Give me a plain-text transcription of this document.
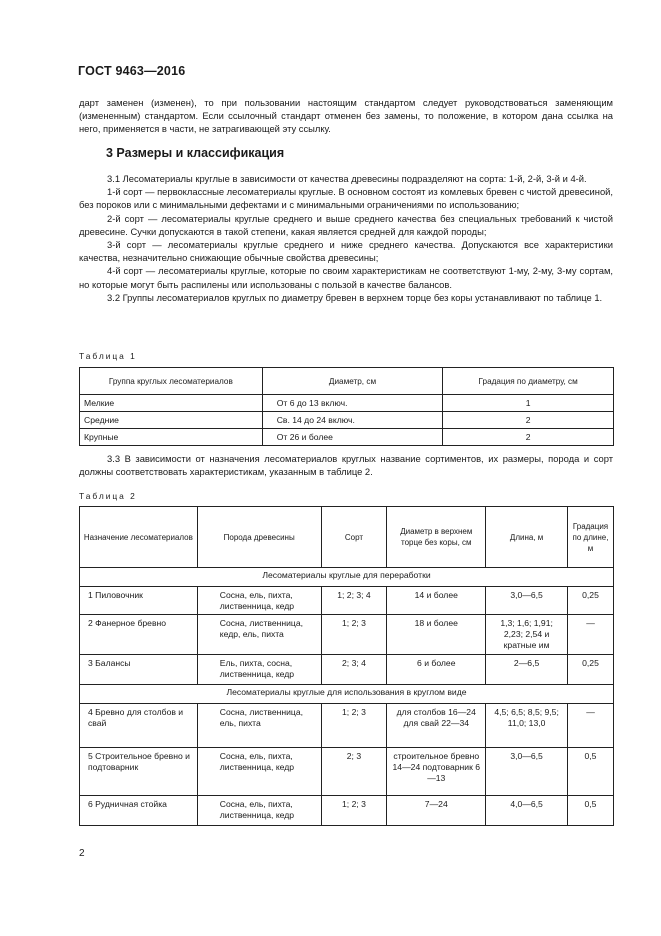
ГОСТ 9463—2016

дарт заменен (изменен), то при пользовании настоящим стандартом следует руководствоваться заменяющим (измененным) стандартом. Если ссылочный стандарт отменен без замены, то положение, в котором дана ссылка на него, применяется в части, не затрагивающей эту ссылку.

3 Размеры и классификация

3.1 Лесоматериалы круглые в зависимости от качества древесины подразделяют на сорта: 1-й, 2-й, 3-й и 4-й.

1-й сорт — первоклассные лесоматериалы круглые. В основном состоят из комлевых бревен с чистой древесиной, без пороков или с минимальными дефектами и с минимальными ограничениями по использованию;

2-й сорт — лесоматериалы круглые среднего и выше среднего качества без специальных требований к чистой древесине. Сучки допускаются в такой степени, какая является средней для каждой породы;

3-й сорт — лесоматериалы круглые среднего и ниже среднего качества. Допускаются все характеристики качества, незначительно снижающие обычные свойства древесины;

4-й сорт — лесоматериалы круглые, которые по своим характеристикам не соответствуют 1-му, 2-му, 3-му сортам, но которые могут быть распилены или использованы с пользой в качестве балансов.

3.2 Группы лесоматериалов круглых по диаметру бревен в верхнем торце без коры устанавливают по таблице 1.

Таблица 1
Группа круглых лесоматериалов	Диаметр, см	Градация по диаметру, см
Мелкие	От 6 до 13 включ.	1
Средние	Св. 14 до 24 включ.	2
Крупные	От 26 и более	2

3.3 В зависимости от назначения лесоматериалов круглых название сортиментов, их размеры, порода и сорт должны соответствовать характеристикам, указанным в таблице 2.

Таблица 2
Назначение лесоматериалов	Порода древесины	Сорт	Диаметр в верхнем торце без коры, см	Длина, м	Градация по длине, м
Лесоматериалы круглые для переработки					
1 Пиловочник	Сосна, ель, пихта, лиственница, кедр	1; 2; 3; 4	14 и более	3,0—6,5	0,25
2 Фанерное бревно	Сосна, лиственница, кедр, ель, пихта	1; 2; 3	18 и более	1,3; 1,6; 1,91; 2,23; 2,54 и кратные им	—
3 Балансы	Ель, пихта, сосна, лиственница, кедр	2; 3; 4	6 и более	2—6,5	0,25
Лесоматериалы круглые для использования в круглом виде					
4 Бревно для столбов и свай	Сосна, лиственница, ель, пихта	1; 2; 3	для столбов 16—24 для свай 22—34	4,5; 6,5; 8,5; 9,5; 11,0; 13,0	—
5 Строительное бревно и подтоварник	Сосна, ель, пихта, лиственница, кедр	2; 3	строительное бревно 14—24 подтоварник 6—13	3,0—6,5	0,5
6 Рудничная стойка	Сосна, ель, пихта, лиственница, кедр	1; 2; 3	7—24	4,0—6,5	0,5
2
